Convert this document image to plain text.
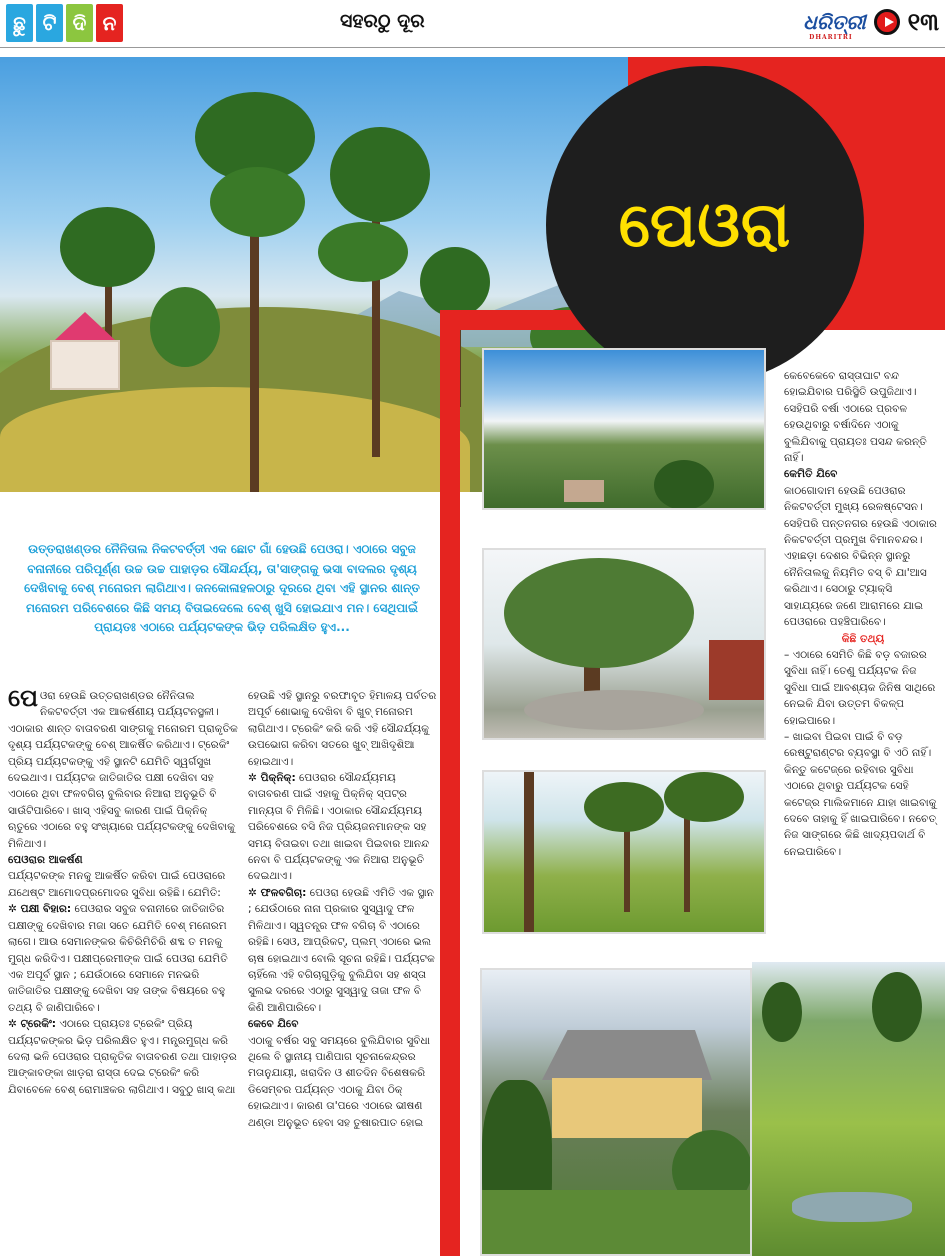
ଛୁ ଟି ଦି ନ	ସହରଠୁ ଦୂର	ଧରିତ୍ରୀ
DHARITRI
୧୩
ପେଓରା
ଉତ୍ତରାଖଣ୍ଡର ନୈନିତାଲ ନିକଟବର୍ତ୍ତୀ ଏକ ଛୋଟ ଗାଁ ହେଉଛି ପେଓରା। ଏଠାରେ ସବୁଜ ବନାନୀରେ ପରିପୂର୍ଣ୍ଣ ଉଚ୍ଚ ଉଚ୍ଚ ପାହାଡ଼ର ସୌନ୍ଦର୍ଯ୍ୟ, ତା'ସାଙ୍ଗକୁ ଭସା ବାଦଲର ଦୃଶ୍ୟ ଦେଖିବାକୁ ବେଶ୍ ମନୋରମ ଲାଗିଥାଏ। ଜନକୋଳାହଳଠାରୁ ଦୂରରେ ଥିବା ଏହି ସ୍ଥାନର ଶାନ୍ତ ମନୋରମ ପରିବେଶରେ କିଛି ସମୟ ବିତାଇଦେଲେ ବେଶ୍ ଖୁସି ହୋଇଯାଏ ମନ। ସେଥିପାଇଁ ପ୍ରାୟତଃ ଏଠାରେ ପର୍ଯ୍ୟଟକଙ୍କ ଭିଡ଼ ପରିଲକ୍ଷିତ ହୁଏ...

ପେଓରା ହେଉଛି ଉତ୍ତରାଖଣ୍ଡର ନୈନିତାଲ ନିକଟବର୍ତ୍ତୀ ଏକ ଆକର୍ଷଣୀୟ ପର୍ଯ୍ୟଟନସ୍ଥଳୀ। ଏଠାକାର ଶାନ୍ତ ବାତାବରଣ ସାଙ୍ଗକୁ ମନୋରମ ପ୍ରାକୃତିକ ଦୃଶ୍ୟ ପର୍ଯ୍ୟଟକଙ୍କୁ ବେଶ୍ ଆକର୍ଷିତ କରିଥାଏ। ଟ୍ରେକିଂ ପ୍ରିୟ ପର୍ଯ୍ୟଟକଙ୍କୁ ଏହି ସ୍ଥାନଟି ଯେମିତି ସ୍ୱର୍ଗସୁଖ ଦେଇଥାଏ। ପର୍ଯ୍ୟଟକ ଜାତିଜାତିର ପକ୍ଷୀ ଦେଖିବା ସହ ଏଠାରେ ଥିବା ଫଳବଗିଚା ବୁଲିବାର ନିଆରା ଅନୁଭୂତି ବି ସାଉଁଟିପାରିବେ। ଖାସ୍ ଏହିସବୁ କାରଣ ପାଇଁ ପିକ୍ନିକ୍ ଋତୁରେ ଏଠାରେ ବହୁ ସଂଖ୍ୟାରେ ପର୍ଯ୍ୟଟକଙ୍କୁ ଦେଖିବାକୁ ମିଳିଥାଏ।

ପେଓରାର ଆକର୍ଷଣ

ପର୍ଯ୍ୟଟକଙ୍କ ମନକୁ ଆକର୍ଷିତ କରିବା ପାଇଁ ପେଓରାରେ ଯଥେଷ୍ଟ ଆମୋଦପ୍ରମୋଦର ସୁବିଧା ରହିଛି। ଯେମିତି:

✲ ପକ୍ଷୀ ବିହାର: ପେଓରାର ସବୁଜ ବନାନୀରେ ଜାତିଜାତିର ପକ୍ଷୀଙ୍କୁ ଦେଖିବାର ମଜା ସତେ ଯେମିତି ବେଶ୍ ମନୋରମ ଲାଗେ। ଆଉ ସେମାନଙ୍କର କିଚିରିମିଚିରି ଶବ୍ଦ ତ ମନକୁ ମୁଗ୍ଧ କରିଦିଏ। ପକ୍ଷୀପ୍ରେମୀଙ୍କ ପାଇଁ ପେଓରା ଯେମିତି ଏକ ଅପୂର୍ବ ସ୍ଥାନ ; ଯେଉଁଠାରେ ସେମାନେ ମନଭରି ଜାତିଜାତିର ପକ୍ଷୀଙ୍କୁ ଦେଖିବା ସହ ତାଙ୍କ ବିଷୟରେ ବହୁ ତଥ୍ୟ ବି ଜାଣିପାରିବେ।

✲ ଟ୍ରେକିଂ: ଏଠାରେ ପ୍ରାୟତଃ ଟ୍ରେକିଂ ପ୍ରିୟ ପର୍ଯ୍ୟଟକଙ୍କର ଭିଡ଼ ପରିଲକ୍ଷିତ ହୁଏ। ମନ୍ତ୍ରମୁଗ୍ଧ କରି ଦେଲା ଭଳି ପେଓରାର ପ୍ରାକୃତିକ ବାତାବରଣ ତଥା ପାହାଡ଼ର ଆଙ୍କାବଙ୍କା ଖାଡ଼ରା ରାସ୍ତା ଦେଇ ଟ୍ରେକିଂ କରି ଯିବାବେଳେ ବେଶ୍ ରୋମାଞ୍ଚକର ଲାଗିଥାଏ। ସବୁଠୁ ଖାସ୍ କଥା

ହେଉଛି ଏହି ସ୍ଥାନରୁ ବରଫାବୃତ ହିମାଳୟ ପର୍ବତର ଅପୂର୍ବ ଶୋଭାକୁ ଦେଖିବା ବି ଖୁବ୍ ମନୋରମ ଲାଗିଥାଏ। ଟ୍ରେକିଂ କରି କରି ଏହି ସୌନ୍ଦର୍ଯ୍ୟକୁ ଉପଭୋଗ କରିବା ସତରେ ଖୁବ୍ ଆଖିଦୃଶିଆ ହୋଇଥାଏ।

✲ ପିକ୍ନିକ୍: ପେଓରାର ସୌନ୍ଦର୍ଯ୍ୟମୟ ବାତାବରଣ ପାଇଁ ଏହାକୁ ପିକ୍ନିକ୍ ସ୍ପଟ୍ର ମାନ୍ୟତା ବି ମିଳିଛି। ଏଠାକାର ସୌନ୍ଦର୍ଯ୍ୟମୟ ପରିବେଶରେ ବସି ନିଜ ପ୍ରିୟଜନମାନଙ୍କ ସହ ସମୟ ବିତାଇବା ତଥା ଖାଇବା ପିଇବାର ଆନନ୍ଦ ନେବା ବି ପର୍ଯ୍ୟଟକଙ୍କୁ ଏକ ନିଆରା ଅନୁଭୂତି ଦେଇଥାଏ।

✲ ଫଳବଗିଚା: ପେଓରା ହେଉଛି ଏମିତି ଏକ ସ୍ଥାନ ; ଯେଉଁଠାରେ ନାନା ପ୍ରକାର ସୁସ୍ୱାଦୁ ଫଳ ମିଳିଥାଏ। ସ୍ୱତନ୍ତ୍ର ଫଳ ବଗିଚା ବି ଏଠାରେ ରହିଛି। ସେଓ, ଆପ୍ରିକଟ୍, ପ୍ଲମ୍ ଏଠାରେ ଭଲ ଚାଷ ହୋଇଥାଏ ବୋଲି ସୂଚନା ରହିଛି। ପର୍ଯ୍ୟଟକ ଚାହିଁଲେ ଏହି ବଗିଚାଗୁଡ଼ିକୁ ବୁଲିଯିବା ସହ ଶସ୍ତା ସୁଲଭ ଦରରେ ଏଠାରୁ ସୁସ୍ୱାଦୁ ତାଜା ଫଳ ବି କିଣି ଆଣିପାରିବେ।

କେବେ ଯିବେ

ଏଠାକୁ ବର୍ଷର ସବୁ ସମୟରେ ବୁଲିଯିବାର ସୁବିଧା ଥିଲେ ବି ସ୍ଥାନୀୟ ପାଣିପାଗ ସୂଚନାକେନ୍ଦ୍ରର ମତାନୁଯାୟୀ, ଖରାଦିନ ଓ ଶୀତଦିନ ବିଶେଷକରି ଡିସେମ୍ବର ପର୍ଯ୍ୟନ୍ତ ଏଠାକୁ ଯିବା ଠିକ୍ ହୋଇଥାଏ। କାରଣ ତା'ପରେ ଏଠାରେ ଭୀଷଣ ଥଣ୍ଡା ଅନୁଭୂତ ହେବା ସହ ତୁଷାରପାତ ହୋଇ

କେବେକେବେ ରାସ୍ତାଘାଟ ବନ୍ଦ ହୋଇଯିବାର ପରିସ୍ଥିତି ଉପୁଜିଥାଏ। ସେହିପରି ବର୍ଷା ଏଠାରେ ପ୍ରବଳ ହେଉଥିବାରୁ ବର୍ଷାଦିନେ ଏଠାକୁ ବୁଲିଯିବାକୁ ପ୍ରାୟତଃ ପସନ୍ଦ କରନ୍ତି ନାହିଁ।

କେମିତି ଯିବେ

କାଠଗୋଦାମ ହେଉଛି ପେଓରାର ନିକଟବର୍ତ୍ତୀ ମୁଖ୍ୟ ରେଳଷ୍ଟେସନ। ସେହିପରି ପନ୍ତନଗର ହେଉଛି ଏଠାକାର ନିକଟବର୍ତ୍ତୀ ପ୍ରମୁଖ ବିମାନବନ୍ଦର। ଏହାଛଡ଼ା ଦେଶର ବିଭିନ୍ନ ସ୍ଥାନରୁ ନୈନିତାଲକୁ ନିୟମିତ ବସ୍ ବି ଯା'ଆସ କରିଥାଏ। ସେଠାରୁ ଟ୍ୟାକ୍ସି ସାହାଯ୍ୟରେ ଜଣେ ଆରାମରେ ଯାଇ ପେଓରାରେ ପହଞ୍ଚିପାରିବେ।

କିଛି ତଥ୍ୟ

– ଏଠାରେ ସେମିତି କିଛି ବଡ଼ ବଜାରର ସୁବିଧା ନାହିଁ। ତେଣୁ ପର୍ଯ୍ୟଟକ ନିଜ ସୁବିଧା ପାଇଁ ଆବଶ୍ୟକ ଜିନିଷ ସାଥିରେ ନେଇକି ଯିବା ଉତ୍ତମ ବିକଳ୍ପ ହୋଇପାରେ।

– ଖାଇବା ପିଇବା ପାଇଁ ବି ବଡ଼ ରେଷ୍ଟୁରାଣ୍ଟର ବ୍ୟବସ୍ଥା ବି ଏଠି ନାହିଁ। କିନ୍ତୁ କଟେଜ୍ରେ ରହିବାର ସୁବିଧା ଏଠାରେ ଥିବାରୁ ପର୍ଯ୍ୟଟକ ସେହି କଟେଜ୍ର ମାଲିକମାନେ ଯାହା ଖାଇବାକୁ ଦେବେ ତାହାକୁ ହିଁ ଖାଇପାରିବେ। ନଚେତ୍ ନିଜ ସାଙ୍ଗରେ କିଛି ଖାଦ୍ୟପଦାର୍ଥ ବି ନେଇପାରିବେ।
